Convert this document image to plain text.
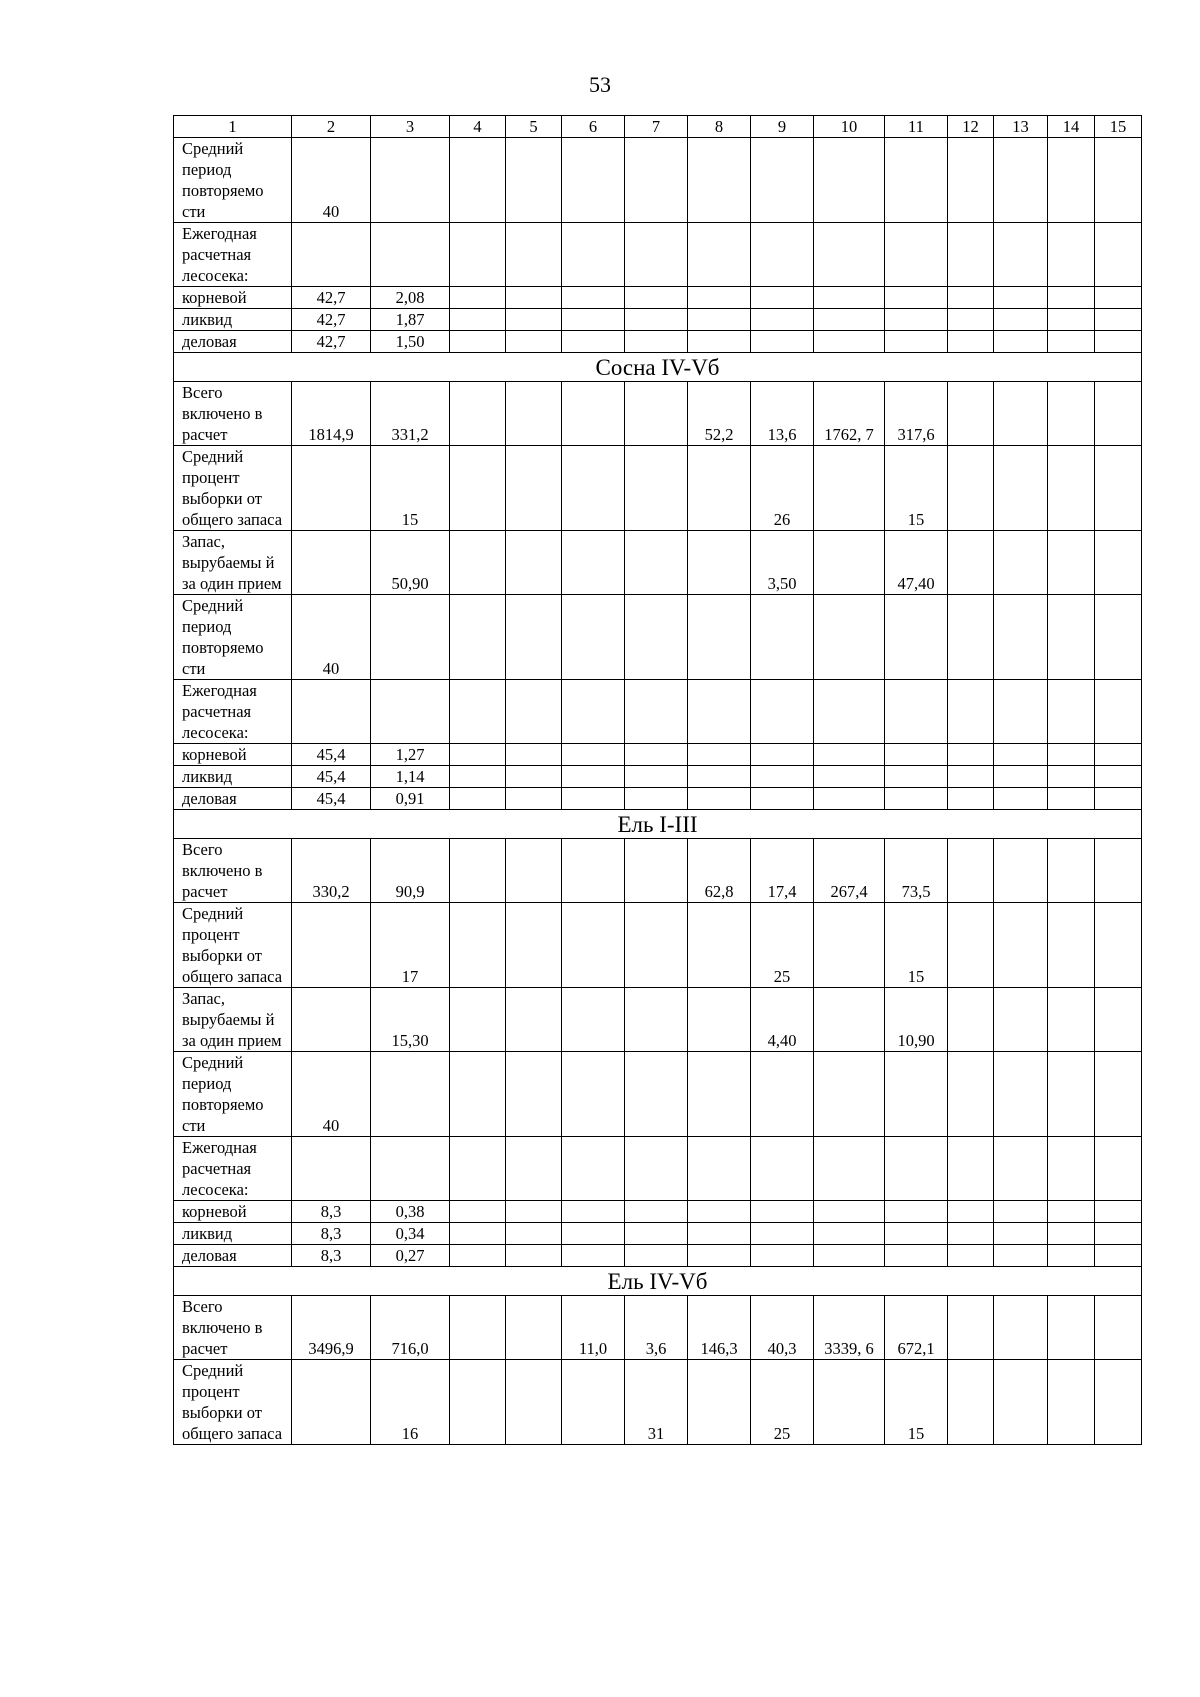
53
1	2	3	4	5	6	7	8	9	10	11	12	13	14	15
Средний период повторяемо сти	40													
Ежегодная расчетная лесосека:														
корневой	42,7	2,08												
ликвид	42,7	1,87												
деловая	42,7	1,50												
Сосна IV-Vб														
Всего включено в расчет	1814,9	331,2					52,2	13,6	1762, 7	317,6				
Средний процент выборки от общего запаса		15						26		15				
Запас, вырубаемы й за один прием		50,90						3,50		47,40				
Средний период повторяемо сти	40													
Ежегодная расчетная лесосека:														
корневой	45,4	1,27												
ликвид	45,4	1,14												
деловая	45,4	0,91												
Ель I-III														
Всего включено в расчет	330,2	90,9					62,8	17,4	267,4	73,5				
Средний процент выборки от общего запаса		17						25		15				
Запас, вырубаемы й за один прием		15,30						4,40		10,90				
Средний период повторяемо сти	40													
Ежегодная расчетная лесосека:														
корневой	8,3	0,38												
ликвид	8,3	0,34												
деловая	8,3	0,27												
Ель IV-Vб														
Всего включено в расчет	3496,9	716,0			11,0	3,6	146,3	40,3	3339, 6	672,1				
Средний процент выборки от общего запаса		16				31		25		15				
